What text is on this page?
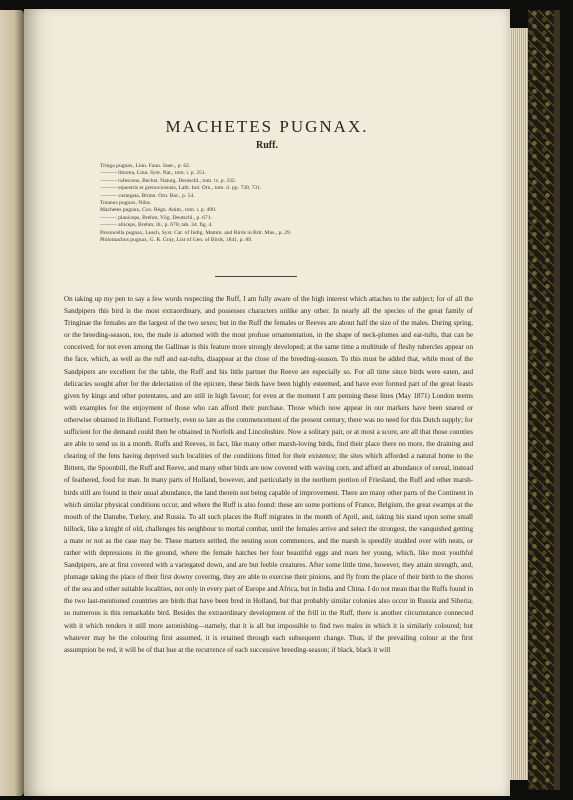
MACHETES PUGNAX.
Ruff.
Tringa pugnax, Linn. Faun. Suec., p. 62.
——— littorea, Linn. Syst. Nat., tom. i. p. 251.
——— rufescens, Bechst. Naturg. Deutschl., tom. iv. p. 332.
——— equestris et grenovicensis, Lath. Ind. Orn., tom. ii. pp. 730, 731.
——— variegata, Brünn. Orn. Bor., p. 54.
Totanus pugnax, Nilss.
Machetes pugnax, Cuv. Règn. Anim., tom. i. p. 490.
——— planiceps, Brehm, Vög. Deutschl., p. 671.
——— alticeps, Brehm, ib., p. 670, tab. 34. fig. 4.
Pavoncella pugnax, Leach, Syst. Cat. of Indig. Mamm. and Birds in Brit. Mus., p. 29.
Philomachus pugnax, G. R. Gray, List of Gen. of Birds, 1841, p. 89.

On taking up my pen to say a few words respecting the Ruff, I am fully aware of the high interest which attaches to the subject; for of all the Sandpipers this bird is the most extraordinary, and possesses characters unlike any other. In nearly all the species of the great family of Tringinae the females are the largest of the two sexes; but in the Ruff the females or Reeves are about half the size of the males. During spring, or the breeding-season, too, the male is adorned with the most profuse ornamentation, in the shape of neck-plumes and ear-tufts, that can be conceived; for not even among the Gallinae is this feature more strongly developed; at the same time a multitude of fleshy tubercles appear on the face, which, as well as the ruff and ear-tufts, disappear at the close of the breeding-season. To this must be added that, while most of the Sandpipers are excellent for the table, the Ruff and his little partner the Reeve are especially so. For all time since birds were eaten, and delicacies sought after for the delectation of the epicure, these birds have been highly esteemed, and have ever formed part of the great feasts given by kings and other potentates, and are still in high favour; for even at the moment I am penning these lines (May 1871) London teems with examples for the enjoyment of those who can afford their purchase. Those which now appear in our markets have been snared or otherwise obtained in Holland. Formerly, even so late as the commencement of the present century, there was no need for this Dutch supply; for sufficient for the demand could then be obtained in Norfolk and Lincolnshire. Now a solitary pair, or at most a score, are all that those counties are able to send us in a month. Ruffs and Reeves, in fact, like many other marsh-loving birds, find their place there no more, the draining and clearing of the fens having deprived such localities of the conditions fitted for their existence; the sites which afforded a natural home to the Bittern, the Spoonbill, the Ruff and Reeve, and many other birds are now covered with waving corn, and afford an abundance of cereal, instead of feathered, food for man. In many parts of Holland, however, and particularly in the northern portion of Friesland, the Ruff and other marsh-birds still are found in their usual abundance, the land therein not being capable of improvement. There are many other parts of the Continent in which similar physical conditions occur, and where the Ruff is also found: these are some portions of France, Belgium, the great swamps at the mouth of the Danube, Turkey, and Russia. To all such places the Ruff migrates in the month of April, and, taking his stand upon some small hillock, like a knight of old, challenges his neighbour to mortal combat, until the females arrive and select the strongest, the vanquished getting a mate or not as the case may be. These matters settled, the nesting soon commences, and the marsh is speedily studded over with nests, or rather with depressions in the ground, where the female hatches her four beautiful eggs and rears her young, which, like most youthful Sandpipers, are at first covered with a variegated down, and are but feeble creatures. After some little time, however, they attain strength, and, plumage taking the place of their first downy covering, they are able to exercise their pinions, and fly from the place of their birth to the shores of the sea and other suitable localities, not only in every part of Europe and Africa, but in India and China. I do not mean that the Ruffs found in the two last-mentioned countries are birds that have been bred in Holland, but that probably similar colonies also occur in Russia and Siberia; so numerous is this remarkable bird. Besides the extraordinary development of the frill in the Ruff, there is another circumstance connected with it which renders it still more astonishing—namely, that it is all but impossible to find two males in which it is similarly coloured; but whatever may be the colouring first assumed, it is retained through each subsequent change. Thus, if the prevailing colour at the first assumption be red, it will be of that hue at the recurrence of each successive breeding-season; if black, black it will
